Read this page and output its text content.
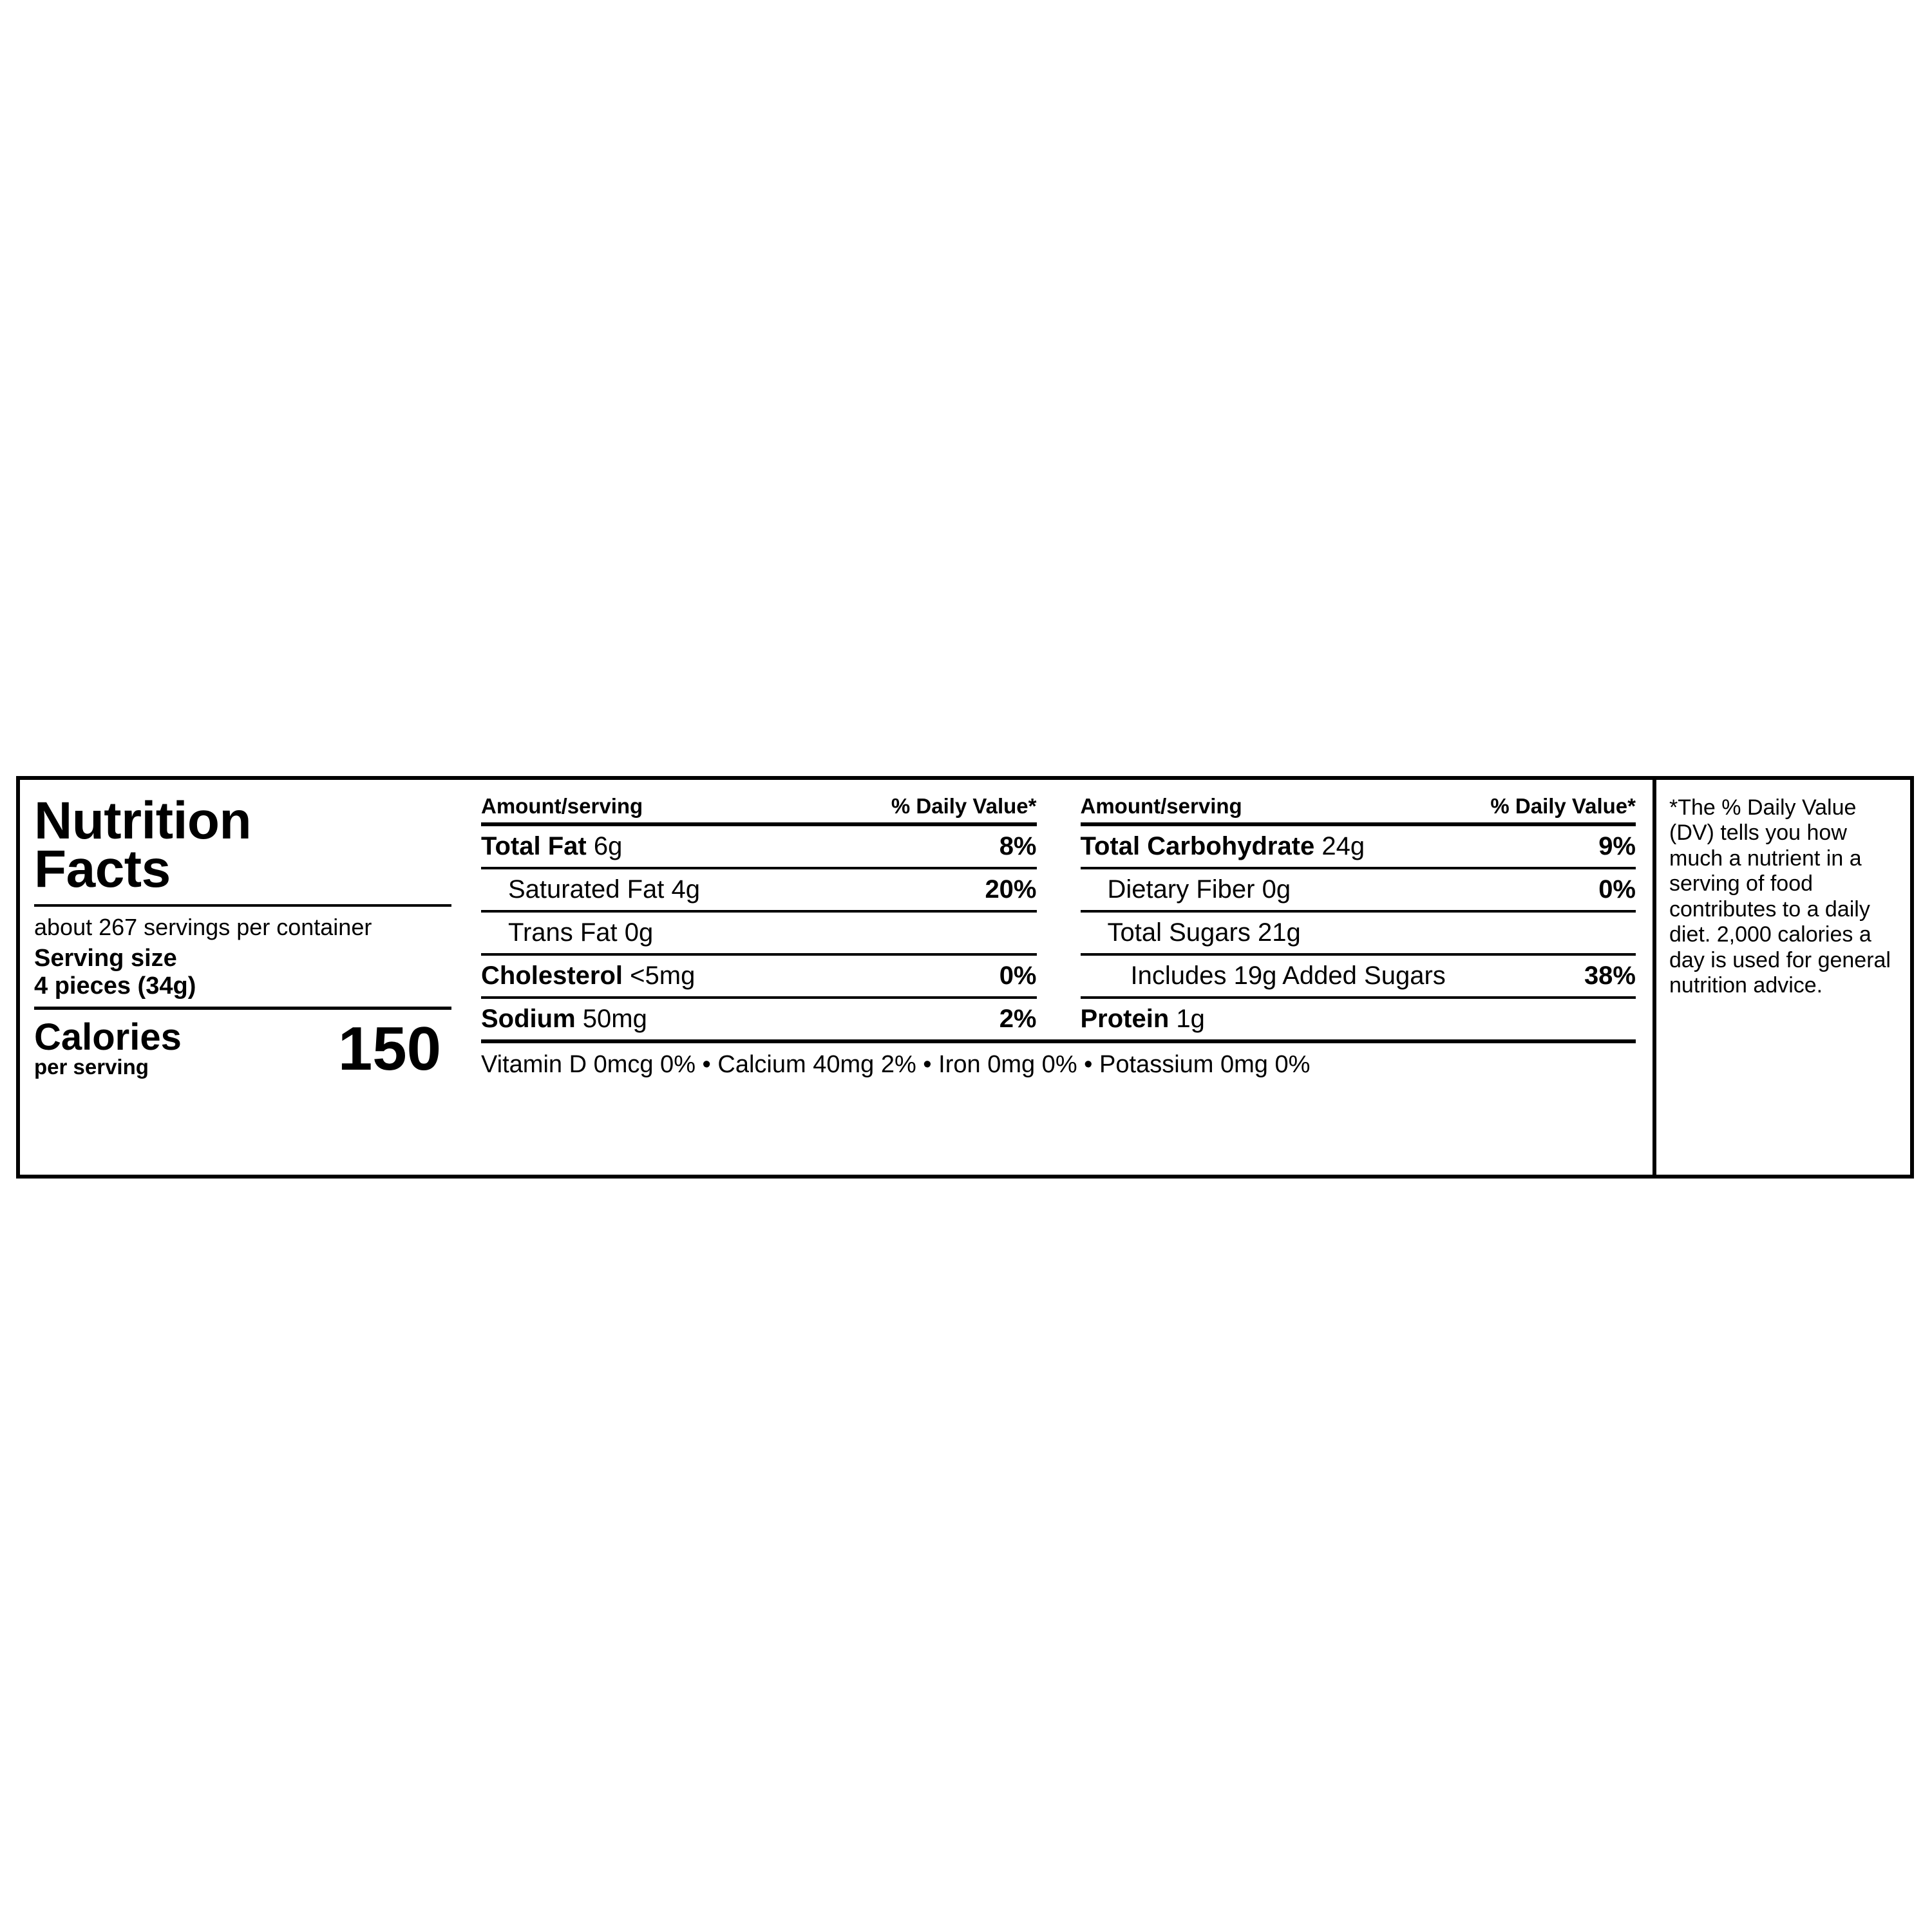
Nutrition
Facts
about 267 servings per container
Serving size
4 pieces (34g)
Calories
per serving	150
Amount/serving	% Daily Value*
Total Fat 6g	8%
Saturated Fat 4g	20%
Trans Fat 0g
Cholesterol <5mg	0%
Sodium 50mg	2%
Amount/serving	% Daily Value*
Total Carbohydrate 24g	9%
Dietary Fiber 0g	0%
Total Sugars 21g
Includes 19g Added Sugars	38%
Protein 1g
Vitamin D 0mcg 0% • Calcium 40mg 2% • Iron 0mg 0% • Potassium 0mg 0%
*The % Daily Value (DV) tells you how much a nutrient in a serving of food contributes to a daily diet. 2,000 calories a day is used for general nutrition advice.
